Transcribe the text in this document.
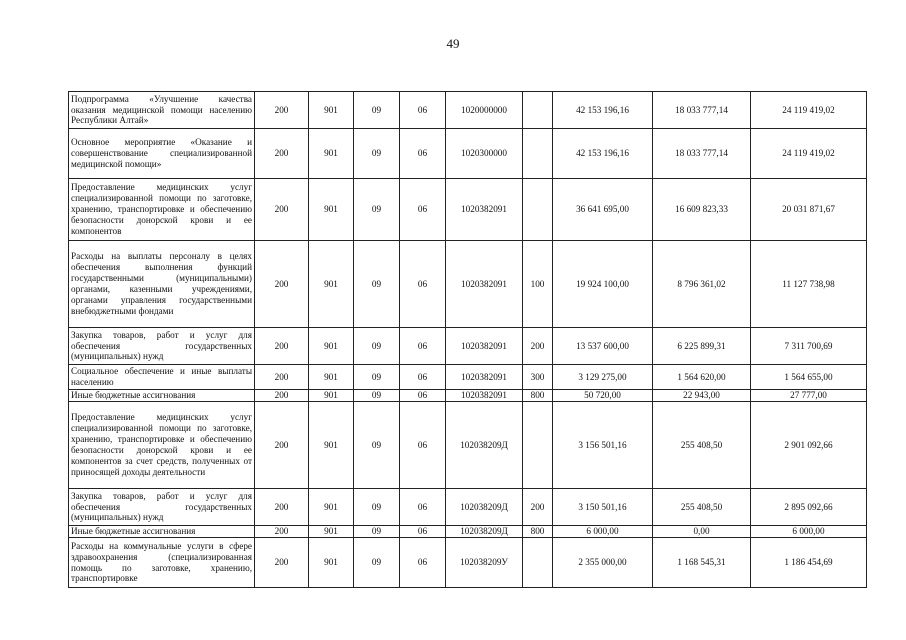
49
Подпрограмма «Улучшение качества оказания медицинской помощи населению Республики Алтай»	200	901	09	06	1020000000		42 153 196,16	18 033 777,14	24 119 419,02
Основное мероприятие «Оказание и совершенствование специализированной медицинской помощи»	200	901	09	06	1020300000		42 153 196,16	18 033 777,14	24 119 419,02
Предоставление медицинских услуг специализированной помощи по заготовке, хранению, транспортировке и обеспечению безопасности донорской крови и ее компонентов	200	901	09	06	1020382091		36 641 695,00	16 609 823,33	20 031 871,67
Расходы на выплаты персоналу в целях обеспечения выполнения функций государственными (муниципальными) органами, казенными учреждениями, органами управления государственными внебюджетными фондами	200	901	09	06	1020382091	100	19 924 100,00	8 796 361,02	11 127 738,98
Закупка товаров, работ и услуг для обеспечения государственных (муниципальных) нужд	200	901	09	06	1020382091	200	13 537 600,00	6 225 899,31	7 311 700,69
Социальное обеспечение и иные выплаты населению	200	901	09	06	1020382091	300	3 129 275,00	1 564 620,00	1 564 655,00
Иные бюджетные ассигнования	200	901	09	06	1020382091	800	50 720,00	22 943,00	27 777,00
Предоставление медицинских услуг специализированной помощи по заготовке, хранению, транспортировке и обеспечению безопасности донорской крови и ее компонентов за счет средств, полученных от приносящей доходы деятельности	200	901	09	06	102038209Д		3 156 501,16	255 408,50	2 901 092,66
Закупка товаров, работ и услуг для обеспечения государственных (муниципальных) нужд	200	901	09	06	102038209Д	200	3 150 501,16	255 408,50	2 895 092,66
Иные бюджетные ассигнования	200	901	09	06	102038209Д	800	6 000,00	0,00	6 000,00
Расходы на коммунальные услуги в сфере здравоохранения (специализированная помощь по заготовке, хранению, транспортировке	200	901	09	06	102038209У		2 355 000,00	1 168 545,31	1 186 454,69
